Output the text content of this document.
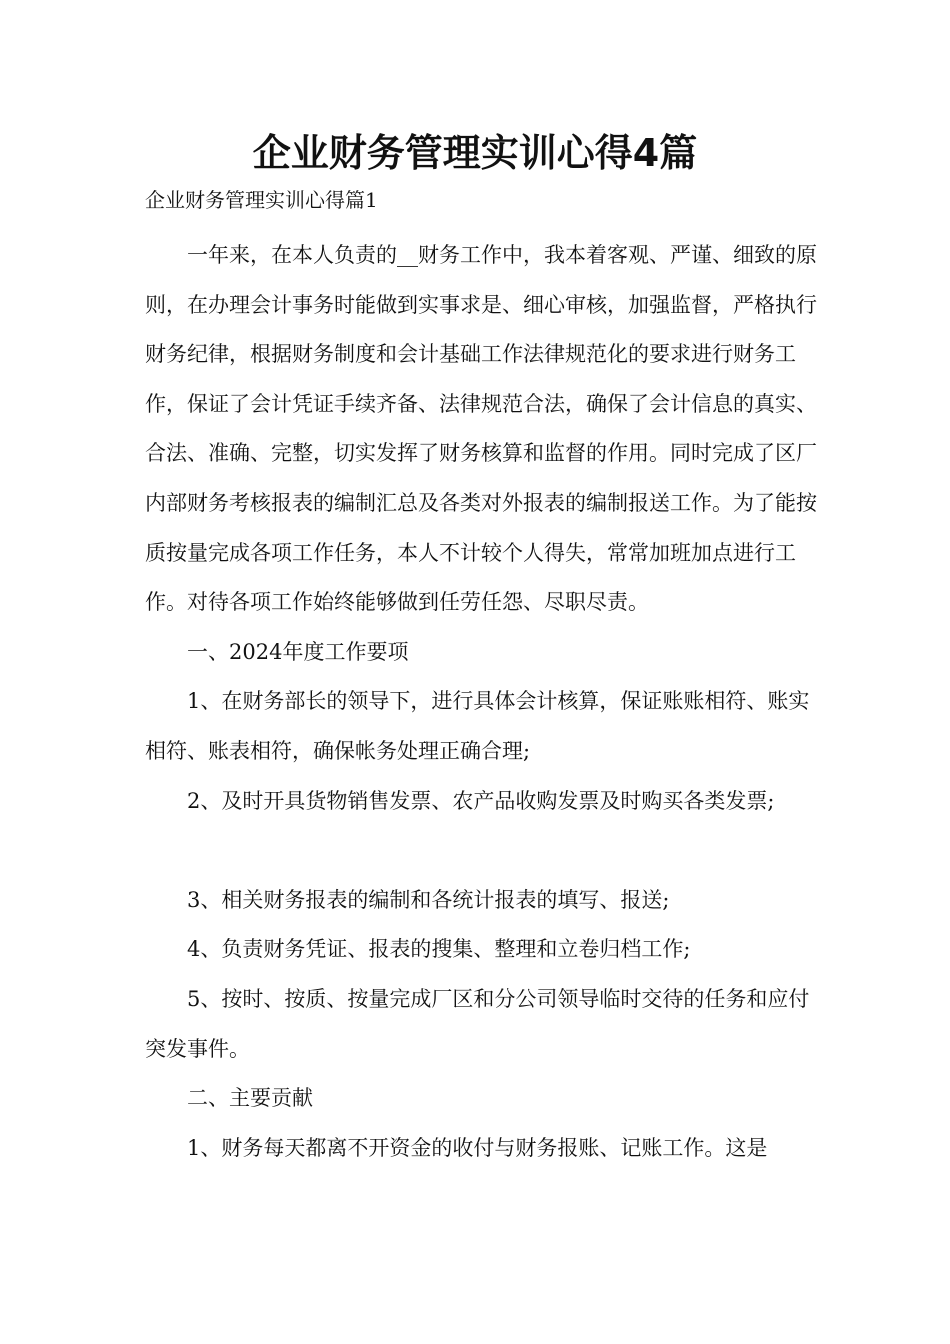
企业财务管理实训心得4篇
企业财务管理实训心得篇1

一年来，在本人负责的__财务工作中，我本着客观、严谨、细致的原则，在办理会计事务时能做到实事求是、细心审核，加强监督，严格执行财务纪律，根据财务制度和会计基础工作法律规范化的要求进行财务工作，保证了会计凭证手续齐备、法律规范合法，确保了会计信息的真实、合法、准确、完整，切实发挥了财务核算和监督的作用。同时完成了区厂内部财务考核报表的编制汇总及各类对外报表的编制报送工作。为了能按质按量完成各项工作任务，本人不计较个人得失，常常加班加点进行工作。对待各项工作始终能够做到任劳任怨、尽职尽责。

一、2024年度工作要项

1、在财务部长的领导下，进行具体会计核算，保证账账相符、账实相符、账表相符，确保帐务处理正确合理;

2、及时开具货物销售发票、农产品收购发票及时购买各类发票;

3、相关财务报表的编制和各统计报表的填写、报送;

4、负责财务凭证、报表的搜集、整理和立卷归档工作;

5、按时、按质、按量完成厂区和分公司领导临时交待的任务和应付突发事件。

二、主要贡献

1、财务每天都离不开资金的收付与财务报账、记账工作。这是
